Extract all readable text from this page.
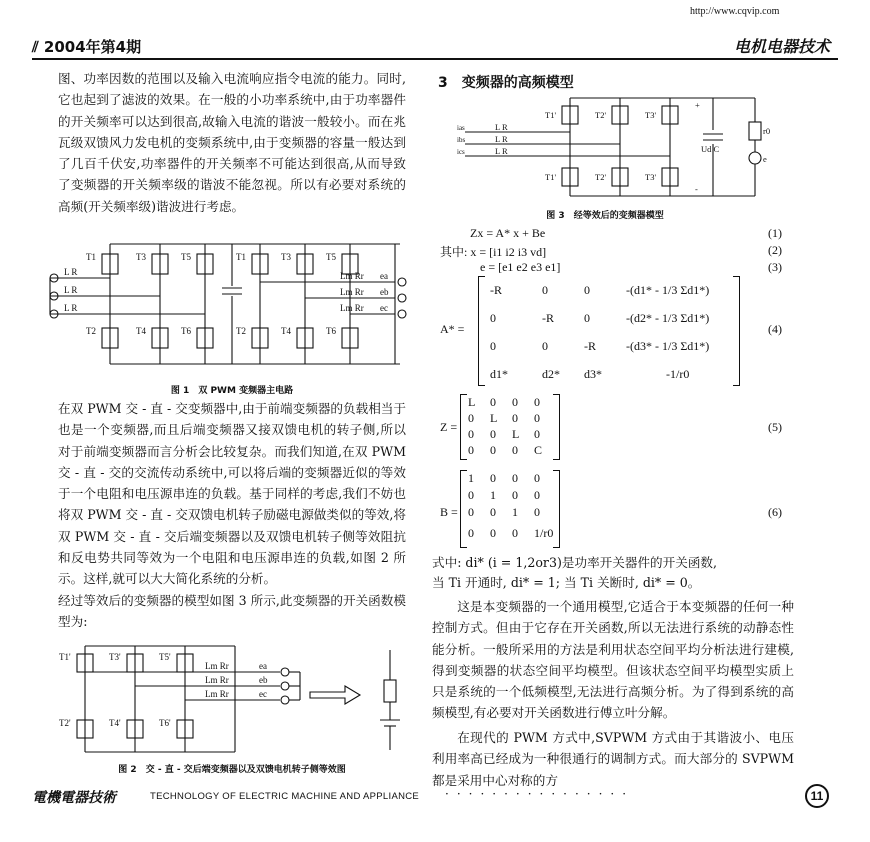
http://www.cqvip.com
⫽ 2004年第4期	电机电器技术
图、功率因数的范围以及输入电流响应指令电流的能力。同时,它也起到了滤波的效果。在一般的小功率系统中,由于功率器件的开关频率可以达到很高,故输入电流的谐波一般较小。而在兆瓦级双馈风力发电机的变频系统中,由于变频器的容量一般达到了几百千伏安,功率器件的开关频率不可能达到很高,从而导致了变频器的开关频率级的谐波不能忽视。所以有必要对系统的高频(开关频率级)谐波进行考虑。
T1	T3	T5	T1	T3	T5
T2	T4	T6	T2	T4	T6
L R
L R
L R
Lm Rr
Lm Rr
Lm Rr
ea
eb
ec
图 1　双 PWM 变频器主电路
在双 PWM 交 - 直 - 交变频器中,由于前端变频器的负载相当于也是一个变频器,而且后端变频器又接双馈电机的转子侧,所以对于前端变频器而言分析会比较复杂。而我们知道,在双 PWM 交 - 直 - 交的交流传动系统中,可以将后端的变频器近似的等效于一个电阻和电压源串连的负载。基于同样的考虑,我们不妨也将双 PWM 交 - 直 - 交双馈电机转子励磁电源做类似的等效,将双 PWM 交 - 直 - 交后端变频器以及双馈电机转子侧等效阻抗和反电势共同等效为一个电阻和电压源串连的负载,如图 2 所示。这样,就可以大大简化系统的分析。
经过等效后的变频器的模型如图 3 所示,此变频器的开关函数模型为:
T1'	T3'	T5'
T2'	T4'	T6'
Lm Rr
Lm Rr
Lm Rr
ea
eb
ec
图 2　交 - 直 - 交后端变频器以及双馈电机转子侧等效图
3　变频器的高频模型
T1'	T2'	T3'
T1'	T2'	T3'
ias
ibs
ics
L R
L R
L R	Ud C
r0
e
+
-
图 3　经等效后的变频器模型
Zx = A* x + Be
其中: x = [i1 i2 i3 vd]
e = [e1 e2 e3 e1]
(1)
(2)
(3)
A* =
-R	0	0	-(d1* - 1/3 Σd1*)
0	-R	0	-(d2* - 1/3 Σd1*)
0	0	-R	-(d3* - 1/3 Σd1*)
d1*	d2*	d3*	-1/r0
(4)
Z =
L	0	0	0
0	L	0	0
0	0	L	0
0	0	0	C
(5)
B =
1	0	0	0
0	1	0	0
0	0	1	0
0	0	0	1/r0
(6)
式中: di* (i = 1,2or3)是功率开关器件的开关函数,
当 Ti 开通时, di* = 1; 当 Ti 关断时, di* = 0。
这是本变频器的一个通用模型,它适合于本变频器的任何一种控制方式。但由于它存在开关函数,所以无法进行系统的动静态性能分析。一般所采用的方法是利用状态空间平均分析法进行建模,得到变频器的状态空间平均模型。但该状态空间平均模型实质上只是系统的一个低频模型,无法进行高频分析。为了得到系统的高频模型,有必要对开关函数进行傅立叶分解。
在现代的 PWM 方式中,SVPWM 方式由于其谐波小、电压利用率高已经成为一种很通行的调制方式。而大部分的 SVPWM 都是采用中心对称的方
電機電器技術	TECHNOLOGY OF ELECTRIC MACHINE AND APPLIANCE ················	11
